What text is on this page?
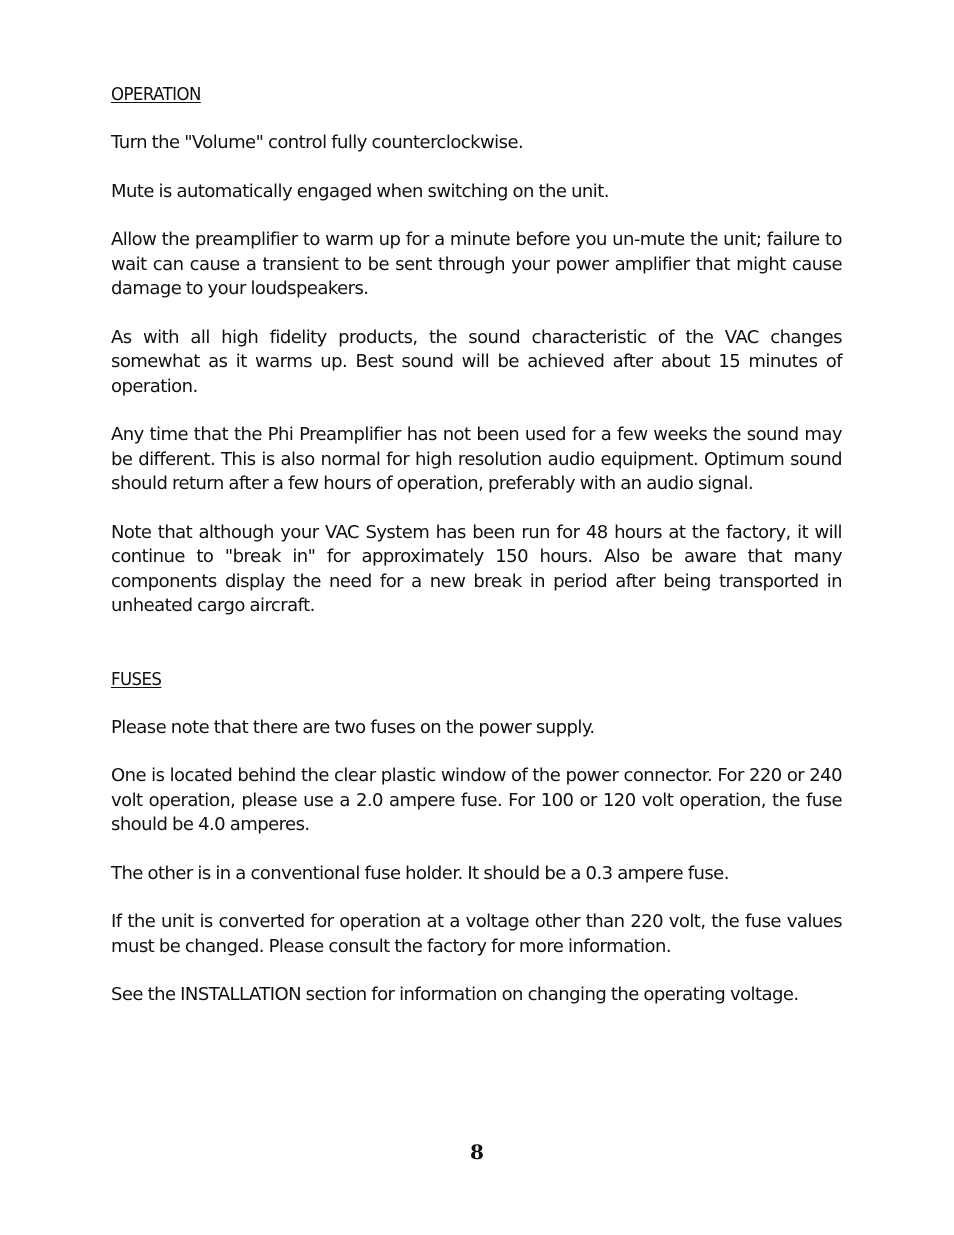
OPERATION

Turn the "Volume" control fully counterclockwise.

Mute is automatically engaged when switching on the unit.

Allow the preamplifier to warm up for a minute before you un-mute the unit; failure to wait can cause a transient to be sent through your power amplifier that might cause damage to your loudspeakers.

As with all high fidelity products, the sound characteristic of the VAC changes somewhat as it warms up. Best sound will be achieved after about 15 minutes of operation.

Any time that the Phi Preamplifier has not been used for a few weeks the sound may be different. This is also normal for high resolution audio equipment. Optimum sound should return after a few hours of operation, preferably with an audio signal.

Note that although your VAC System has been run for 48 hours at the factory, it will continue to "break in" for approximately 150 hours. Also be aware that many components display the need for a new break in period after being transported in unheated cargo aircraft.

FUSES

Please note that there are two fuses on the power supply.

One is located behind the clear plastic window of the power connector. For 220 or 240 volt operation, please use a 2.0 ampere fuse. For 100 or 120 volt operation, the fuse should be 4.0 amperes.

The other is in a conventional fuse holder. It should be a 0.3 ampere fuse.

If the unit is converted for operation at a voltage other than 220 volt, the fuse values must be changed. Please consult the factory for more information.

See the INSTALLATION section for information on changing the operating voltage.

8
